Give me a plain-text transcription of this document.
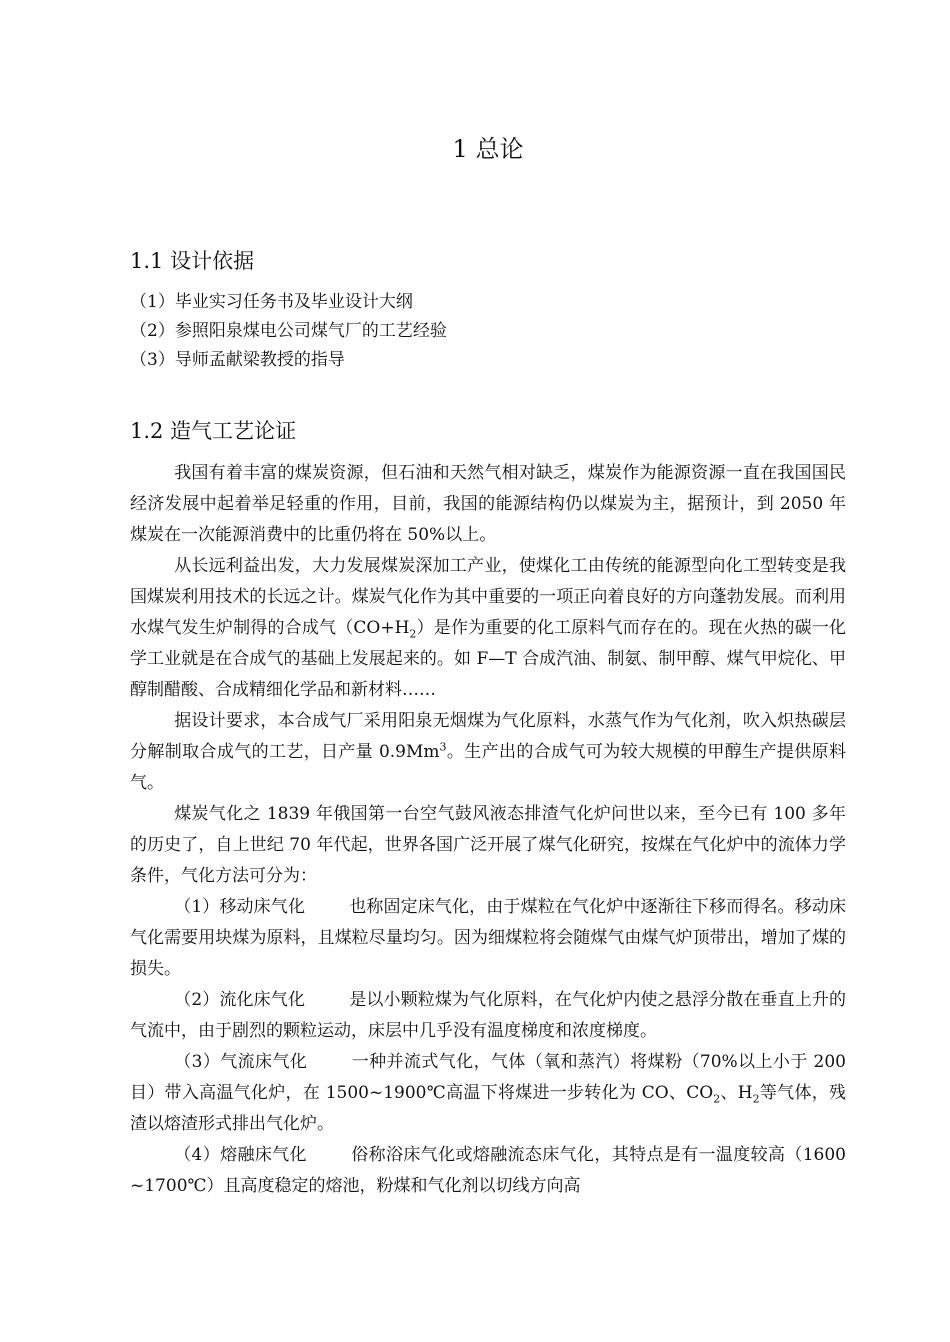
1 总论
1.1 设计依据
（1）毕业实习任务书及毕业设计大纲
（2）参照阳泉煤电公司煤气厂的工艺经验
（3）导师孟献梁教授的指导
1.2 造气工艺论证

我国有着丰富的煤炭资源，但石油和天然气相对缺乏，煤炭作为能源资源一直在我国国民经济发展中起着举足轻重的作用，目前，我国的能源结构仍以煤炭为主，据预计，到 2050 年煤炭在一次能源消费中的比重仍将在 50%以上。

从长远利益出发，大力发展煤炭深加工产业，使煤化工由传统的能源型向化工型转变是我国煤炭利用技术的长远之计。煤炭气化作为其中重要的一项正向着良好的方向蓬勃发展。而利用水煤气发生炉制得的合成气$(CO+H_2)$是作为重要的化工原料气而存在的。现在火热的碳一化学工业就是在合成气的基础上发展起来的。如 F—T 合成汽油、制氨、制甲醇、煤气甲烷化、甲醇制醋酸、合成精细化学品和新材料……

据设计要求，本合成气厂采用阳泉无烟煤为气化原料，水蒸气作为气化剂，吹入炽热碳层分解制取合成气的工艺，日产量 0.9Mm$^3$。生产出的合成气可为较大规模的甲醇生产提供原料气。

煤炭气化之 1839 年俄国第一台空气鼓风液态排渣气化炉问世以来，至今已有 100 多年的历史了，自上世纪 70 年代起，世界各国广泛开展了煤气化研究，按煤在气化炉中的流体力学条件，气化方法可分为：

（1）移动床气化	也称固定床气化，由于煤粒在气化炉中逐渐往下移而得名。移动床气化需要用块煤为原料，且煤粒尽量均匀。因为细煤粒将会随煤气由煤气炉顶带出，增加了煤的损失。

（2）流化床气化	是以小颗粒煤为气化原料，在气化炉内使之悬浮分散在垂直上升的气流中，由于剧烈的颗粒运动，床层中几乎没有温度梯度和浓度梯度。

（3）气流床气化	一种并流式气化，气体（氧和蒸汽）将煤粉（70%以上小于 200 目）带入高温气化炉，在 1500~1900℃高温下将煤进一步转化为 CO、$CO_2$、$H_2$等气体，残渣以熔渣形式排出气化炉。

（4）熔融床气化	俗称浴床气化或熔融流态床气化，其特点是有一温度较高（1600~1700℃）且高度稳定的熔池，粉煤和气化剂以切线方向高
